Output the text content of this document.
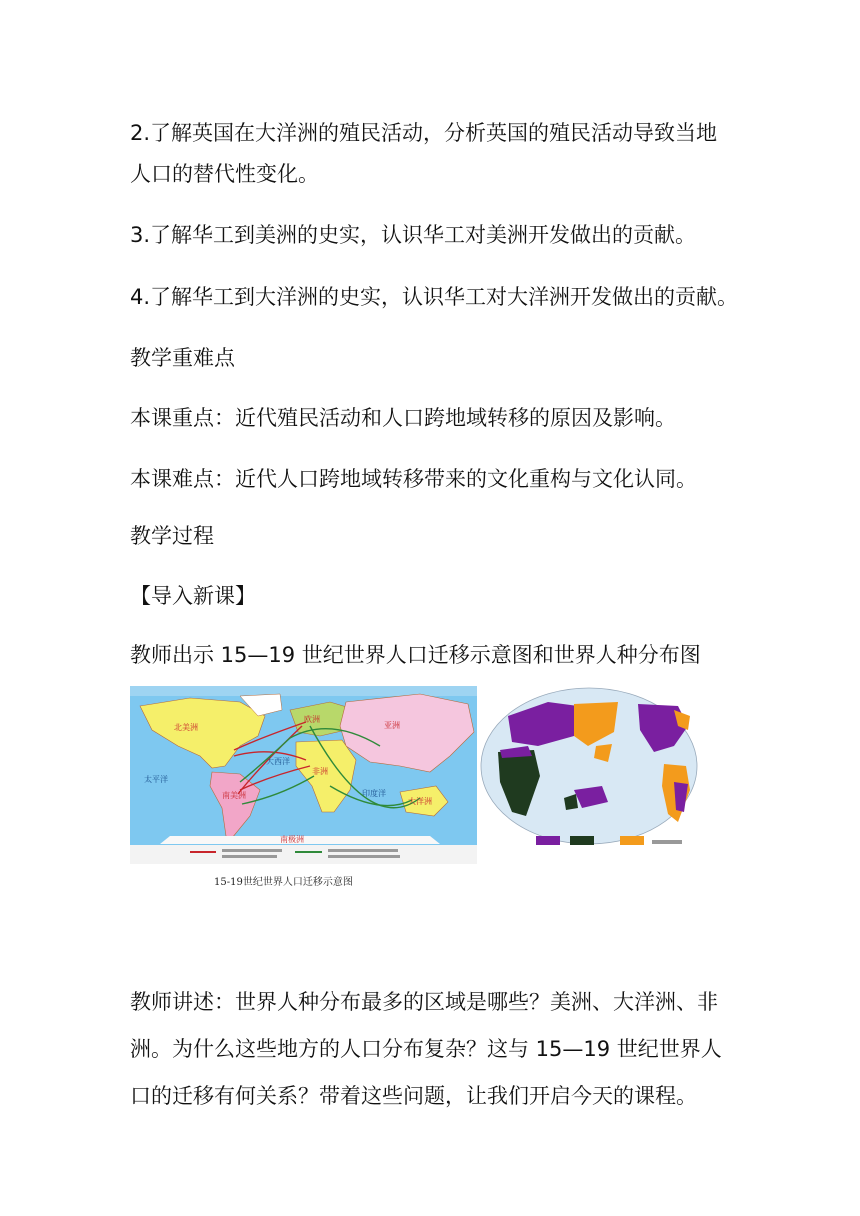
2.了解英国在大洋洲的殖民活动，分析英国的殖民活动导致当地
人口的替代性变化。
3.了解华工到美洲的史实，认识华工对美洲开发做出的贡献。
4.了解华工到大洋洲的史实，认识华工对大洋洲开发做出的贡献。
教学重难点
本课重点：近代殖民活动和人口跨地域转移的原因及影响。
本课难点：近代人口跨地域转移带来的文化重构与文化认同。
教学过程
【导入新课】
教师出示 15—19 世纪世界人口迁移示意图和世界人种分布图
北美洲
欧洲
亚洲
非洲
南美洲
大洋洲
南极洲
大西洋
太平洋
印度洋
15-19世纪世界人口迁移示意图
教师讲述：世界人种分布最多的区域是哪些？美洲、大洋洲、非
洲。为什么这些地方的人口分布复杂？这与 15—19 世纪世界人
口的迁移有何关系？带着这些问题，让我们开启今天的课程。
